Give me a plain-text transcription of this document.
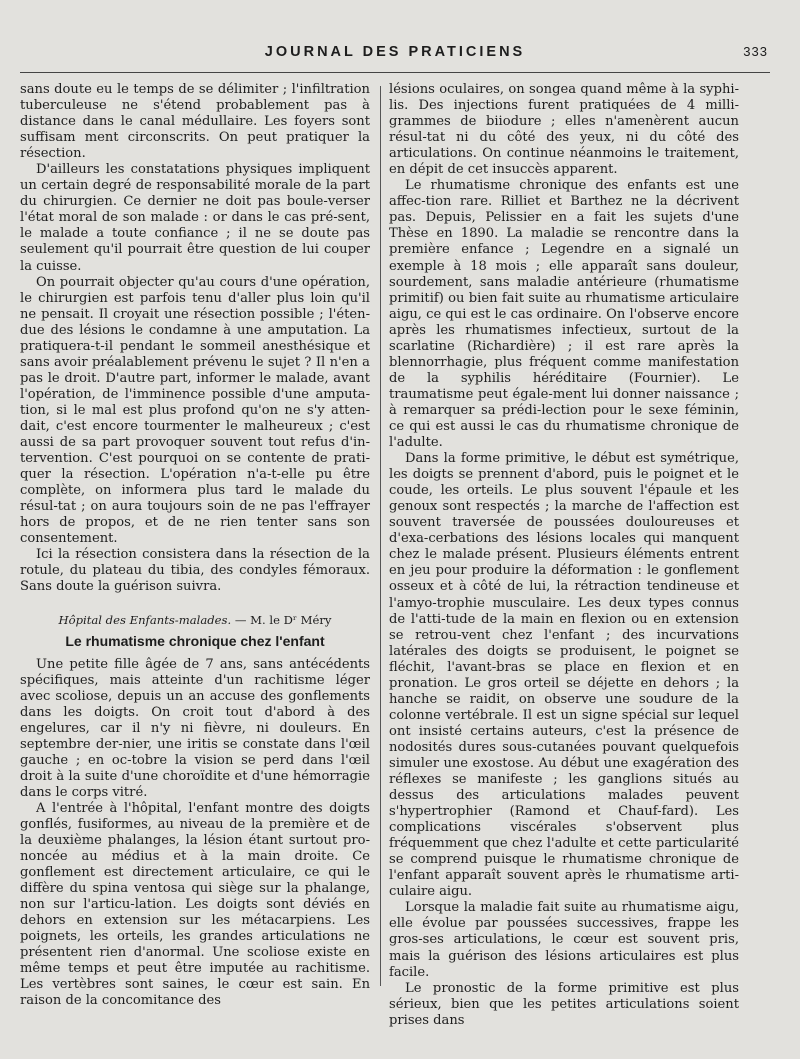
JOURNAL DES PRATICIENS	333

sans doute eu le temps de se délimiter ; l'infiltration tuberculeuse ne s'étend probablement pas à distance dans le canal médullaire. Les foyers sont suffisam ment circonscrits. On peut pratiquer la résection.

D'ailleurs les constatations physiques impliquent un certain degré de responsabilité morale de la part du chirurgien. Ce dernier ne doit pas boule-verser l'état moral de son malade : or dans le cas pré-sent, le malade a toute confiance ; il ne se doute pas seulement qu'il pourrait être question de lui couper la cuisse.

On pourrait objecter qu'au cours d'une opération, le chirurgien est parfois tenu d'aller plus loin qu'il ne pensait. Il croyait une résection possible ; l'éten-due des lésions le condamne à une amputation. La pratiquera-t-il pendant le sommeil anesthésique et sans avoir préalablement prévenu le sujet ? Il n'en a pas le droit. D'autre part, informer le malade, avant l'opération, de l'imminence possible d'une amputa-tion, si le mal est plus profond qu'on ne s'y atten-dait, c'est encore tourmenter le malheureux ; c'est aussi de sa part provoquer souvent tout refus d'in-tervention. C'est pourquoi on se contente de prati-quer la résection. L'opération n'a-t-elle pu être complète, on informera plus tard le malade du résul-tat ; on aura toujours soin de ne pas l'effrayer hors de propos, et de ne rien tenter sans son consentement.

Ici la résection consistera dans la résection de la rotule, du plateau du tibia, des condyles fémoraux. Sans doute la guérison suivra.

Hôpital des Enfants-malades. — M. le Dʳ Méry
Le rhumatisme chronique chez l'enfant

Une petite fille âgée de 7 ans, sans antécédents spécifiques, mais atteinte d'un rachitisme léger avec scoliose, depuis un an accuse des gonflements dans les doigts. On croit tout d'abord à des engelures, car il n'y ni fièvre, ni douleurs. En septembre der-nier, une iritis se constate dans l'œil gauche ; en oc-tobre la vision se perd dans l'œil droit à la suite d'une choroïdite et d'une hémorragie dans le corps vitré.

A l'entrée à l'hôpital, l'enfant montre des doigts gonflés, fusiformes, au niveau de la première et de la deuxième phalanges, la lésion étant surtout pro-noncée au médius et à la main droite. Ce gonflement est directement articulaire, ce qui le diffère du spina ventosa qui siège sur la phalange, non sur l'articu-lation. Les doigts sont déviés en dehors en extension sur les métacarpiens. Les poignets, les orteils, les grandes articulations ne présentent rien d'anormal. Une scoliose existe en même temps et peut être imputée au rachitisme. Les vertèbres sont saines, le cœur est sain. En raison de la concomitance des

lésions oculaires, on songea quand même à la syphi-lis. Des injections furent pratiquées de 4 milli-grammes de biiodure ; elles n'amenèrent aucun résul-tat ni du côté des yeux, ni du côté des articulations. On continue néanmoins le traitement, en dépit de cet insuccès apparent.

Le rhumatisme chronique des enfants est une affec-tion rare. Rilliet et Barthez ne la décrivent pas. Depuis, Pelissier en a fait les sujets d'une Thèse en 1890. La maladie se rencontre dans la première enfance ; Legendre en a signalé un exemple à 18 mois ; elle apparaît sans douleur, sourdement, sans maladie antérieure (rhumatisme primitif) ou bien fait suite au rhumatisme articulaire aigu, ce qui est le cas ordinaire. On l'observe encore après les rhumatismes infectieux, surtout de la scarlatine (Richardière) ; il est rare après la blennorrhagie, plus fréquent comme manifestation de la syphilis héréditaire (Fournier). Le traumatisme peut égale-ment lui donner naissance ; à remarquer sa prédi-lection pour le sexe féminin, ce qui est aussi le cas du rhumatisme chronique de l'adulte.

Dans la forme primitive, le début est symétrique, les doigts se prennent d'abord, puis le poignet et le coude, les orteils. Le plus souvent l'épaule et les genoux sont respectés ; la marche de l'affection est souvent traversée de poussées douloureuses et d'exa-cerbations des lésions locales qui manquent chez le malade présent. Plusieurs éléments entrent en jeu pour produire la déformation : le gonflement osseux et à côté de lui, la rétraction tendineuse et l'amyo-trophie musculaire. Les deux types connus de l'atti-tude de la main en flexion ou en extension se retrou-vent chez l'enfant ; des incurvations latérales des doigts se produisent, le poignet se fléchit, l'avant-bras se place en flexion et en pronation. Le gros orteil se déjette en dehors ; la hanche se raidit, on observe une soudure de la colonne vertébrale. Il est un signe spécial sur lequel ont insisté certains auteurs, c'est la présence de nodosités dures sous-cutanées pouvant quelquefois simuler une exostose. Au début une exagération des réflexes se manifeste ; les ganglions situés au dessus des articulations malades peuvent s'hypertrophier (Ramond et Chauf-fard). Les complications viscérales s'observent plus fréquemment que chez l'adulte et cette particularité se comprend puisque le rhumatisme chronique de l'enfant apparaît souvent après le rhumatisme arti-culaire aigu.

Lorsque la maladie fait suite au rhumatisme aigu, elle évolue par poussées successives, frappe les gros-ses articulations, le cœur est souvent pris, mais la guérison des lésions articulaires est plus facile.

Le pronostic de la forme primitive est plus sérieux, bien que les petites articulations soient prises dans
